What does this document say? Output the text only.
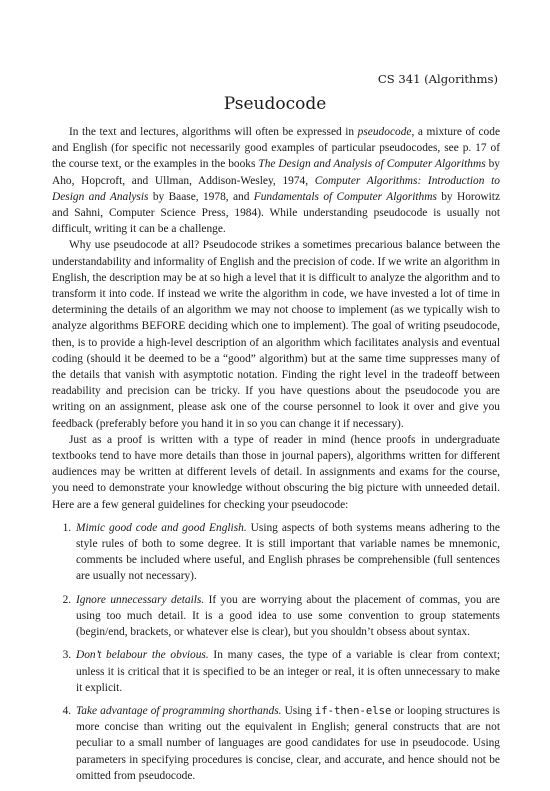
CS 341 (Algorithms)
Pseudocode

In the text and lectures, algorithms will often be expressed in pseudocode, a mixture of code and English (for specific not necessarily good examples of particular pseudocodes, see p. 17 of the course text, or the examples in the books The Design and Analysis of Computer Algorithms by Aho, Hopcroft, and Ullman, Addison-Wesley, 1974, Computer Algorithms: Introduction to Design and Analysis by Baase, 1978, and Fundamentals of Computer Algorithms by Horowitz and Sahni, Computer Science Press, 1984). While understanding pseudocode is usually not difficult, writing it can be a challenge.

Why use pseudocode at all? Pseudocode strikes a sometimes precarious balance between the understandability and informality of English and the precision of code. If we write an algorithm in English, the description may be at so high a level that it is difficult to analyze the algorithm and to transform it into code. If instead we write the algorithm in code, we have invested a lot of time in determining the details of an algorithm we may not choose to implement (as we typically wish to analyze algorithms BEFORE deciding which one to implement). The goal of writing pseudocode, then, is to provide a high-level description of an algorithm which facilitates analysis and eventual coding (should it be deemed to be a “good” algorithm) but at the same time suppresses many of the details that vanish with asymptotic notation. Finding the right level in the tradeoff between readability and precision can be tricky. If you have questions about the pseudocode you are writing on an assignment, please ask one of the course personnel to look it over and give you feedback (preferably before you hand it in so you can change it if necessary).

Just as a proof is written with a type of reader in mind (hence proofs in undergraduate textbooks tend to have more details than those in journal papers), algorithms written for different audiences may be written at different levels of detail. In assignments and exams for the course, you need to demonstrate your knowledge without obscuring the big picture with unneeded detail. Here are a few general guidelines for checking your pseudocode:

1. Mimic good code and good English. Using aspects of both systems means adhering to the style rules of both to some degree. It is still important that variable names be mnemonic, comments be included where useful, and English phrases be comprehensible (full sentences are usually not necessary).
2. Ignore unnecessary details. If you are worrying about the placement of commas, you are using too much detail. It is a good idea to use some convention to group statements (begin/end, brackets, or whatever else is clear), but you shouldn’t obsess about syntax.
3. Don’t belabour the obvious. In many cases, the type of a variable is clear from context; unless it is critical that it is specified to be an integer or real, it is often unnecessary to make it explicit.
4. Take advantage of programming shorthands. Using if-then-else or looping structures is more concise than writing out the equivalent in English; general constructs that are not peculiar to a small number of languages are good candidates for use in pseudocode. Using parameters in specifying procedures is concise, clear, and accurate, and hence should not be omitted from pseudocode.
